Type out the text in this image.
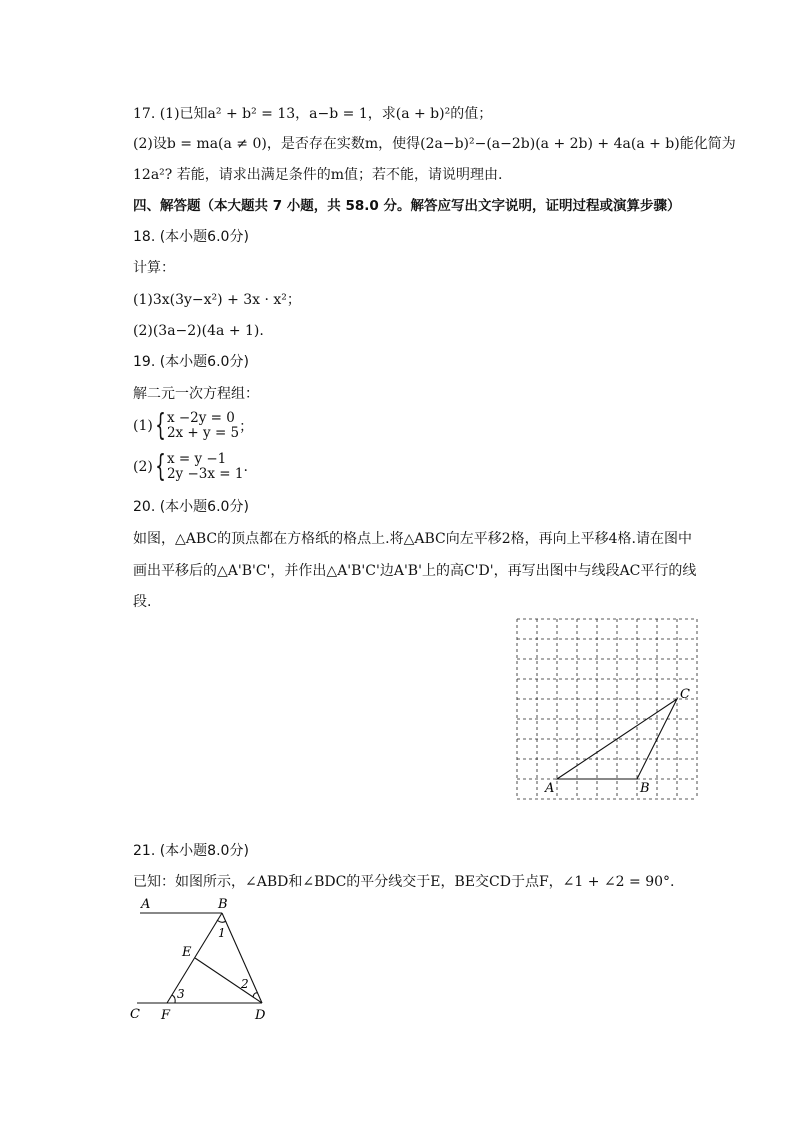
17. (1)已知a² + b² = 13，a−b = 1，求(a + b)²的值；
(2)设b = ma(a ≠ 0)，是否存在实数m，使得(2a−b)²−(a−2b)(a + 2b) + 4a(a + b)能化简为
12a²? 若能，请求出满足条件的m值；若不能，请说明理由.
四、解答题（本大题共 7 小题，共 58.0 分。解答应写出文字说明，证明过程或演算步骤）
18. (本小题6.0分)
计算：
(1)3x(3y−x²) + 3x · x²；
(2)(3a−2)(4a + 1).
19. (本小题6.0分)
解二元一次方程组：
(1) { x −2y = 0
2x + y = 5 ；
(2) { x = y −1
2y −3x = 1 .
20. (本小题6.0分)
如图，△ABC的顶点都在方格纸的格点上.将△ABC向左平移2格，再向上平移4格.请在图中
画出平移后的△A'B'C'，并作出△A'B'C'边A'B'上的高C'D'，再写出图中与线段AC平行的线
段.
A	B
C
21. (本小题8.0分)
已知：如图所示，∠ABD和∠BDC的平分线交于E，BE交CD于点F，∠1 + ∠2 = 90°.
A	B
E
C F	D
1
2
3
